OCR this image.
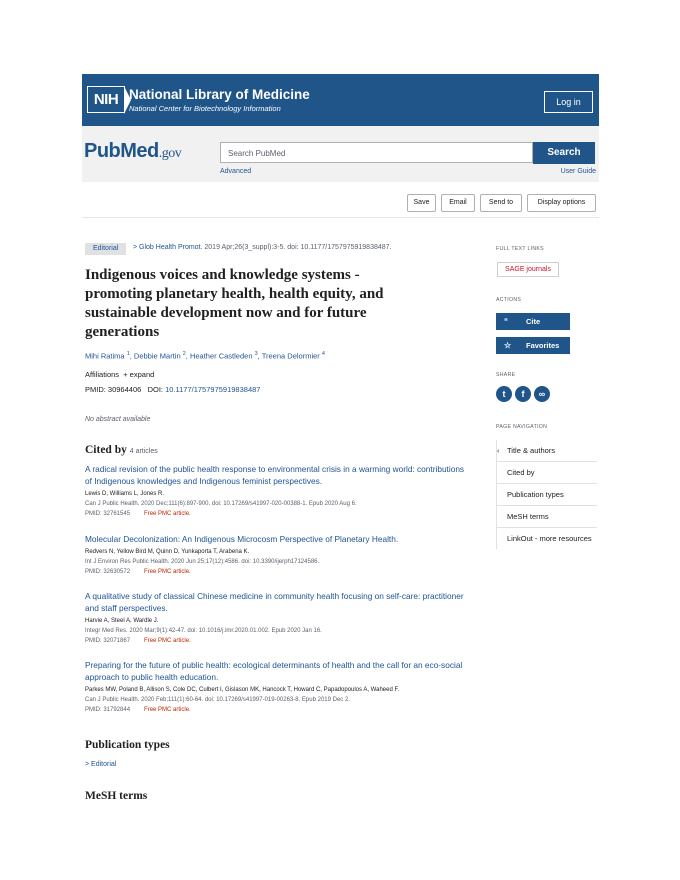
NIH National Library of Medicine
National Center for Biotechnology Information
Log in
PubMed.gov	Search PubMed	Search
Advanced	User Guide
Save	Email	Send to	Display options
Editorial	> Glob Health Promot. 2019 Apr;26(3_suppl):3-5. doi: 10.1177/1757975919838487.
Indigenous voices and knowledge systems - promoting planetary health, health equity, and sustainable development now and for future generations
Mihi Ratima $^1$, Debbie Martin $^2$, Heather Castleden $^3$, Treena Delormier $^4$
Affiliations + expand
PMID: 30964406 DOI: 10.1177/1757975919838487
No abstract available
Cited by 4 articles
A radical revision of the public health response to environmental crisis in a warming world: contributions of Indigenous knowledges and Indigenous feminist perspectives.
Lewis D, Williams L, Jones R.
Can J Public Health. 2020 Dec;111(6):897-900. doi: 10.17269/s41997-020-00388-1. Epub 2020 Aug 6.
PMID: 32761545 Free PMC article.
Molecular Decolonization: An Indigenous Microcosm Perspective of Planetary Health.
Redvers N, Yellow Bird M, Quinn D, Yunkaporta T, Arabena K.
Int J Environ Res Public Health. 2020 Jun 25;17(12):4586. doi: 10.3390/ijerph17124586.
PMID: 32630572 Free PMC article.
A qualitative study of classical Chinese medicine in community health focusing on self-care: practitioner and staff perspectives.
Harvie A, Steel A, Wardle J.
Integr Med Res. 2020 Mar;9(1):42-47. doi: 10.1016/j.imr.2020.01.002. Epub 2020 Jan 16.
PMID: 32071867 Free PMC article.
Preparing for the future of public health: ecological determinants of health and the call for an eco-social approach to public health education.
Parkes MW, Poland B, Allison S, Cole DC, Culbert I, Gislason MK, Hancock T, Howard C, Papadopoulos A, Waheed F.
Can J Public Health. 2020 Feb;111(1):60-64. doi: 10.17269/s41997-019-00263-8. Epub 2019 Dec 2.
PMID: 31792844 Free PMC article.
Publication types
> Editorial
MeSH terms
FULL TEXT LINKS
SAGE journals
ACTIONS
“ Cite
☆ Favorites
SHARE
t	f	∞
PAGE NAVIGATION
‹ Title & authors
Cited by
Publication types
MeSH terms
LinkOut - more resources
